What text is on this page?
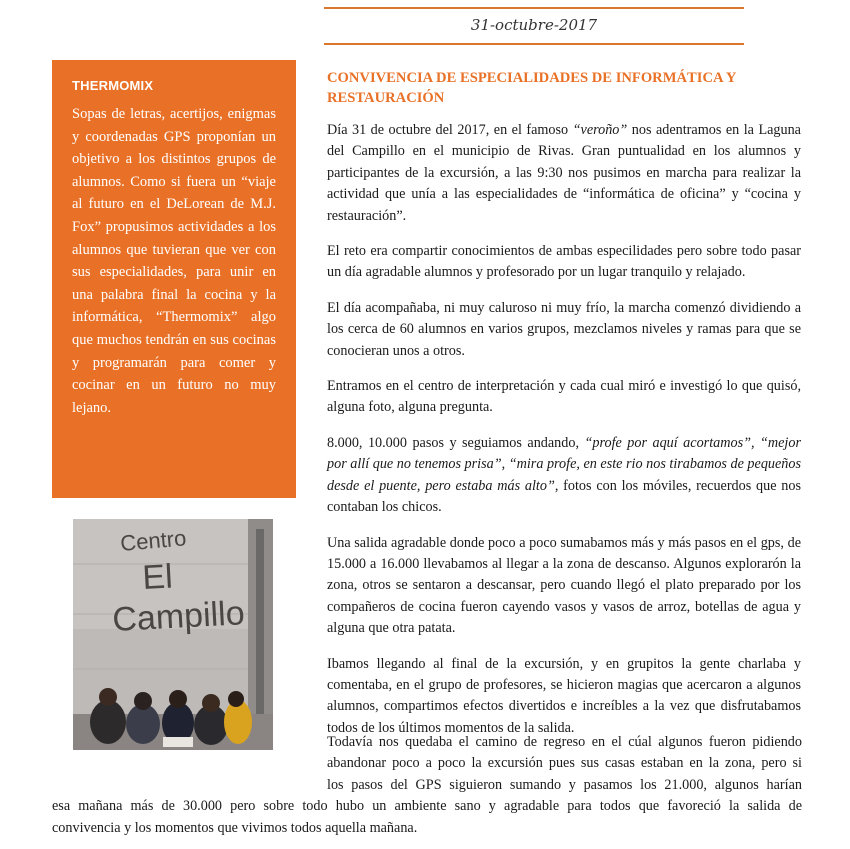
31-octubre-2017
THERMOMIX

Sopas de letras, acertijos, enigmas y coordenadas GPS proponían un objetivo a los distintos grupos de alumnos. Como si fuera un “viaje al futuro en el DeLorean de M.J. Fox” propusimos actividades a los alumnos que tuvieran que ver con sus especialidades, para unir en una palabra final la cocina y la informática, “Thermomix” algo que muchos tendrán en sus cocinas y programarán para comer y cocinar en un futuro no muy lejano.

Centro
El
Campillo
CONVIVENCIA DE ESPECIALIDADES DE INFORMÁTICA Y RESTAURACIÓN

Día 31 de octubre del 2017, en el famoso “veroño” nos adentramos en la Laguna del Campillo en el municipio de Rivas. Gran puntualidad en los alumnos y participantes de la excursión, a las 9:30 nos pusimos en marcha para realizar la actividad que unía a las especialidades de “informática de oficina” y “cocina y restauración”.

El reto era compartir conocimientos de ambas especilidades pero sobre todo pasar un día agradable alumnos y profesorado por un lugar tranquilo y relajado.

El día acompañaba, ni muy caluroso ni muy frío, la marcha comenzó dividiendo a los cerca de 60 alumnos en varios grupos, mezclamos niveles y ramas para que se conocieran unos a otros.

Entramos en el centro de interpretación y cada cual miró e investigó lo que quisó, alguna foto, alguna pregunta.

8.000, 10.000 pasos y seguiamos andando, “profe por aquí acortamos”, “mejor por allí que no tenemos prisa”, “mira profe, en este rio nos tirabamos de pequeños desde el puente, pero estaba más alto”, fotos con los móviles, recuerdos que nos contaban los chicos.

Una salida agradable donde poco a poco sumabamos más y más pasos en el gps, de 15.000 a 16.000 llevabamos al llegar a la zona de descanso. Algunos explorarón la zona, otros se sentaron a descansar, pero cuando llegó el plato preparado por los compañeros de cocina fueron cayendo vasos y vasos de arroz, botellas de agua y alguna que otra patata.

Ibamos llegando al final de la excursión, y en grupitos la gente charlaba y comentaba, en el grupo de profesores, se hicieron magias que acercaron a algunos alumnos, compartimos efectos divertidos e increíbles a la vez que disfrutabamos todos de los últimos momentos de la salida.

Todavía nos quedaba el camino de regreso en el cúal algunos fueron pidiendo
abandonar poco a poco la excursión pues sus casas estaban en la zona, pero si
los pasos del GPS siguieron sumando y pasamos los 21.000, algunos harían
esa mañana más de 30.000 pero sobre todo hubo un ambiente sano y agradable para todos que favoreció la salida de
convivencia y los momentos que vivimos todos aquella mañana.
